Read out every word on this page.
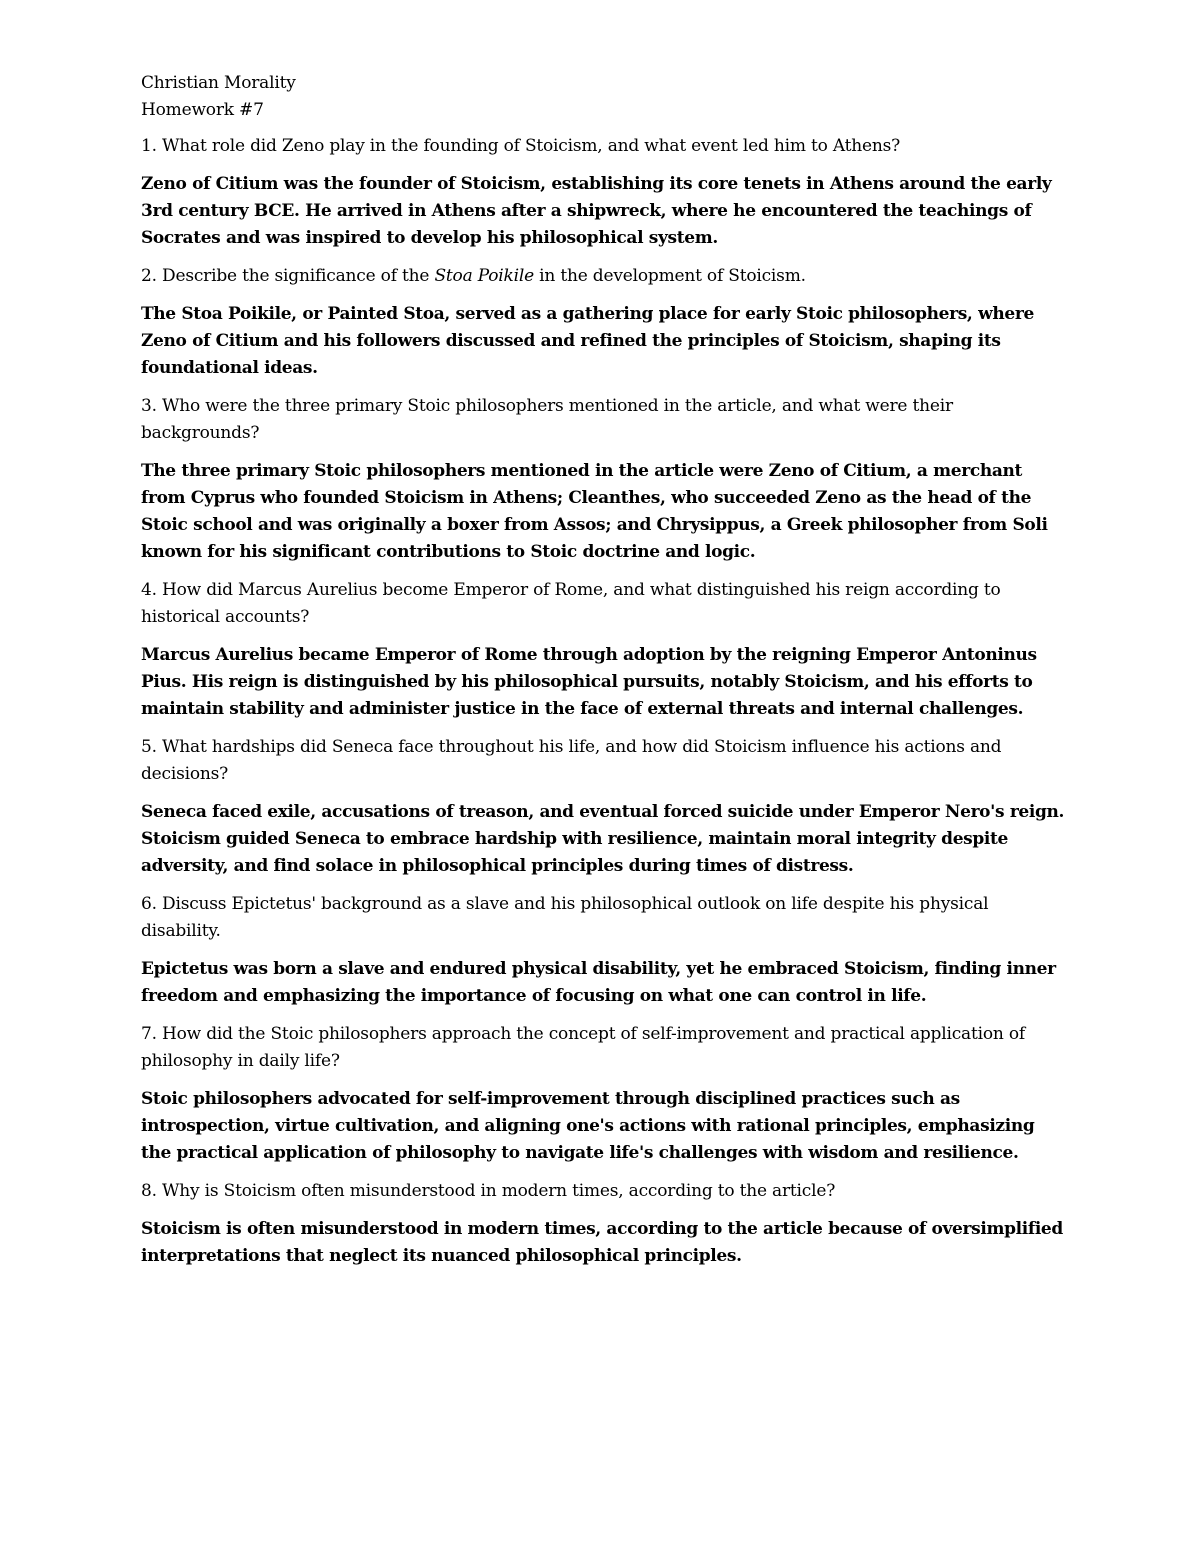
Christian Morality

Homework #7

1. What role did Zeno play in the founding of Stoicism, and what event led him to Athens?

Zeno of Citium was the founder of Stoicism, establishing its core tenets in Athens around the early 3rd century BCE. He arrived in Athens after a shipwreck, where he encountered the teachings of Socrates and was inspired to develop his philosophical system.

2. Describe the significance of the Stoa Poikile in the development of Stoicism.

The Stoa Poikile, or Painted Stoa, served as a gathering place for early Stoic philosophers, where Zeno of Citium and his followers discussed and refined the principles of Stoicism, shaping its foundational ideas.

3. Who were the three primary Stoic philosophers mentioned in the article, and what were their backgrounds?

The three primary Stoic philosophers mentioned in the article were Zeno of Citium, a merchant from Cyprus who founded Stoicism in Athens; Cleanthes, who succeeded Zeno as the head of the Stoic school and was originally a boxer from Assos; and Chrysippus, a Greek philosopher from Soli known for his significant contributions to Stoic doctrine and logic.

4. How did Marcus Aurelius become Emperor of Rome, and what distinguished his reign according to historical accounts?

Marcus Aurelius became Emperor of Rome through adoption by the reigning Emperor Antoninus Pius. His reign is distinguished by his philosophical pursuits, notably Stoicism, and his efforts to maintain stability and administer justice in the face of external threats and internal challenges.

5. What hardships did Seneca face throughout his life, and how did Stoicism influence his actions and decisions?

Seneca faced exile, accusations of treason, and eventual forced suicide under Emperor Nero's reign. Stoicism guided Seneca to embrace hardship with resilience, maintain moral integrity despite adversity, and find solace in philosophical principles during times of distress.

6. Discuss Epictetus' background as a slave and his philosophical outlook on life despite his physical disability.

Epictetus was born a slave and endured physical disability, yet he embraced Stoicism, finding inner freedom and emphasizing the importance of focusing on what one can control in life.

7. How did the Stoic philosophers approach the concept of self-improvement and practical application of philosophy in daily life?

Stoic philosophers advocated for self-improvement through disciplined practices such as introspection, virtue cultivation, and aligning one's actions with rational principles, emphasizing the practical application of philosophy to navigate life's challenges with wisdom and resilience.

8. Why is Stoicism often misunderstood in modern times, according to the article?

Stoicism is often misunderstood in modern times, according to the article because of oversimplified interpretations that neglect its nuanced philosophical principles.
